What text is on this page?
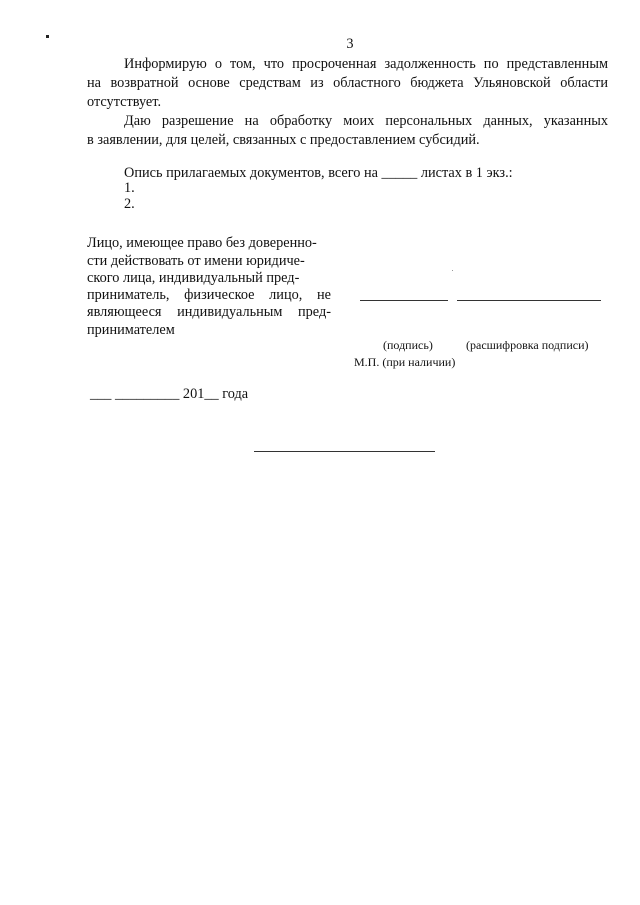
3
Информирую о том, что просроченная задолженность по представленным
на возвратной основе средствам из областного бюджета Ульяновской области
отсутствует.
Даю разрешение на обработку моих персональных данных, указанных
в заявлении, для целей, связанных с предоставлением субсидий.
Опись прилагаемых документов, всего на _____ листах в 1 экз.:
1.
2.
Лицо, имеющее право без доверенно-
сти действовать от имени юридиче-
ского лица, индивидуальный пред-
приниматель, физическое лицо, не
являющееся индивидуальным пред-
принимателем
(подпись)	(расшифровка подписи)
М.П. (при наличии)
___ _________ 201__ года
